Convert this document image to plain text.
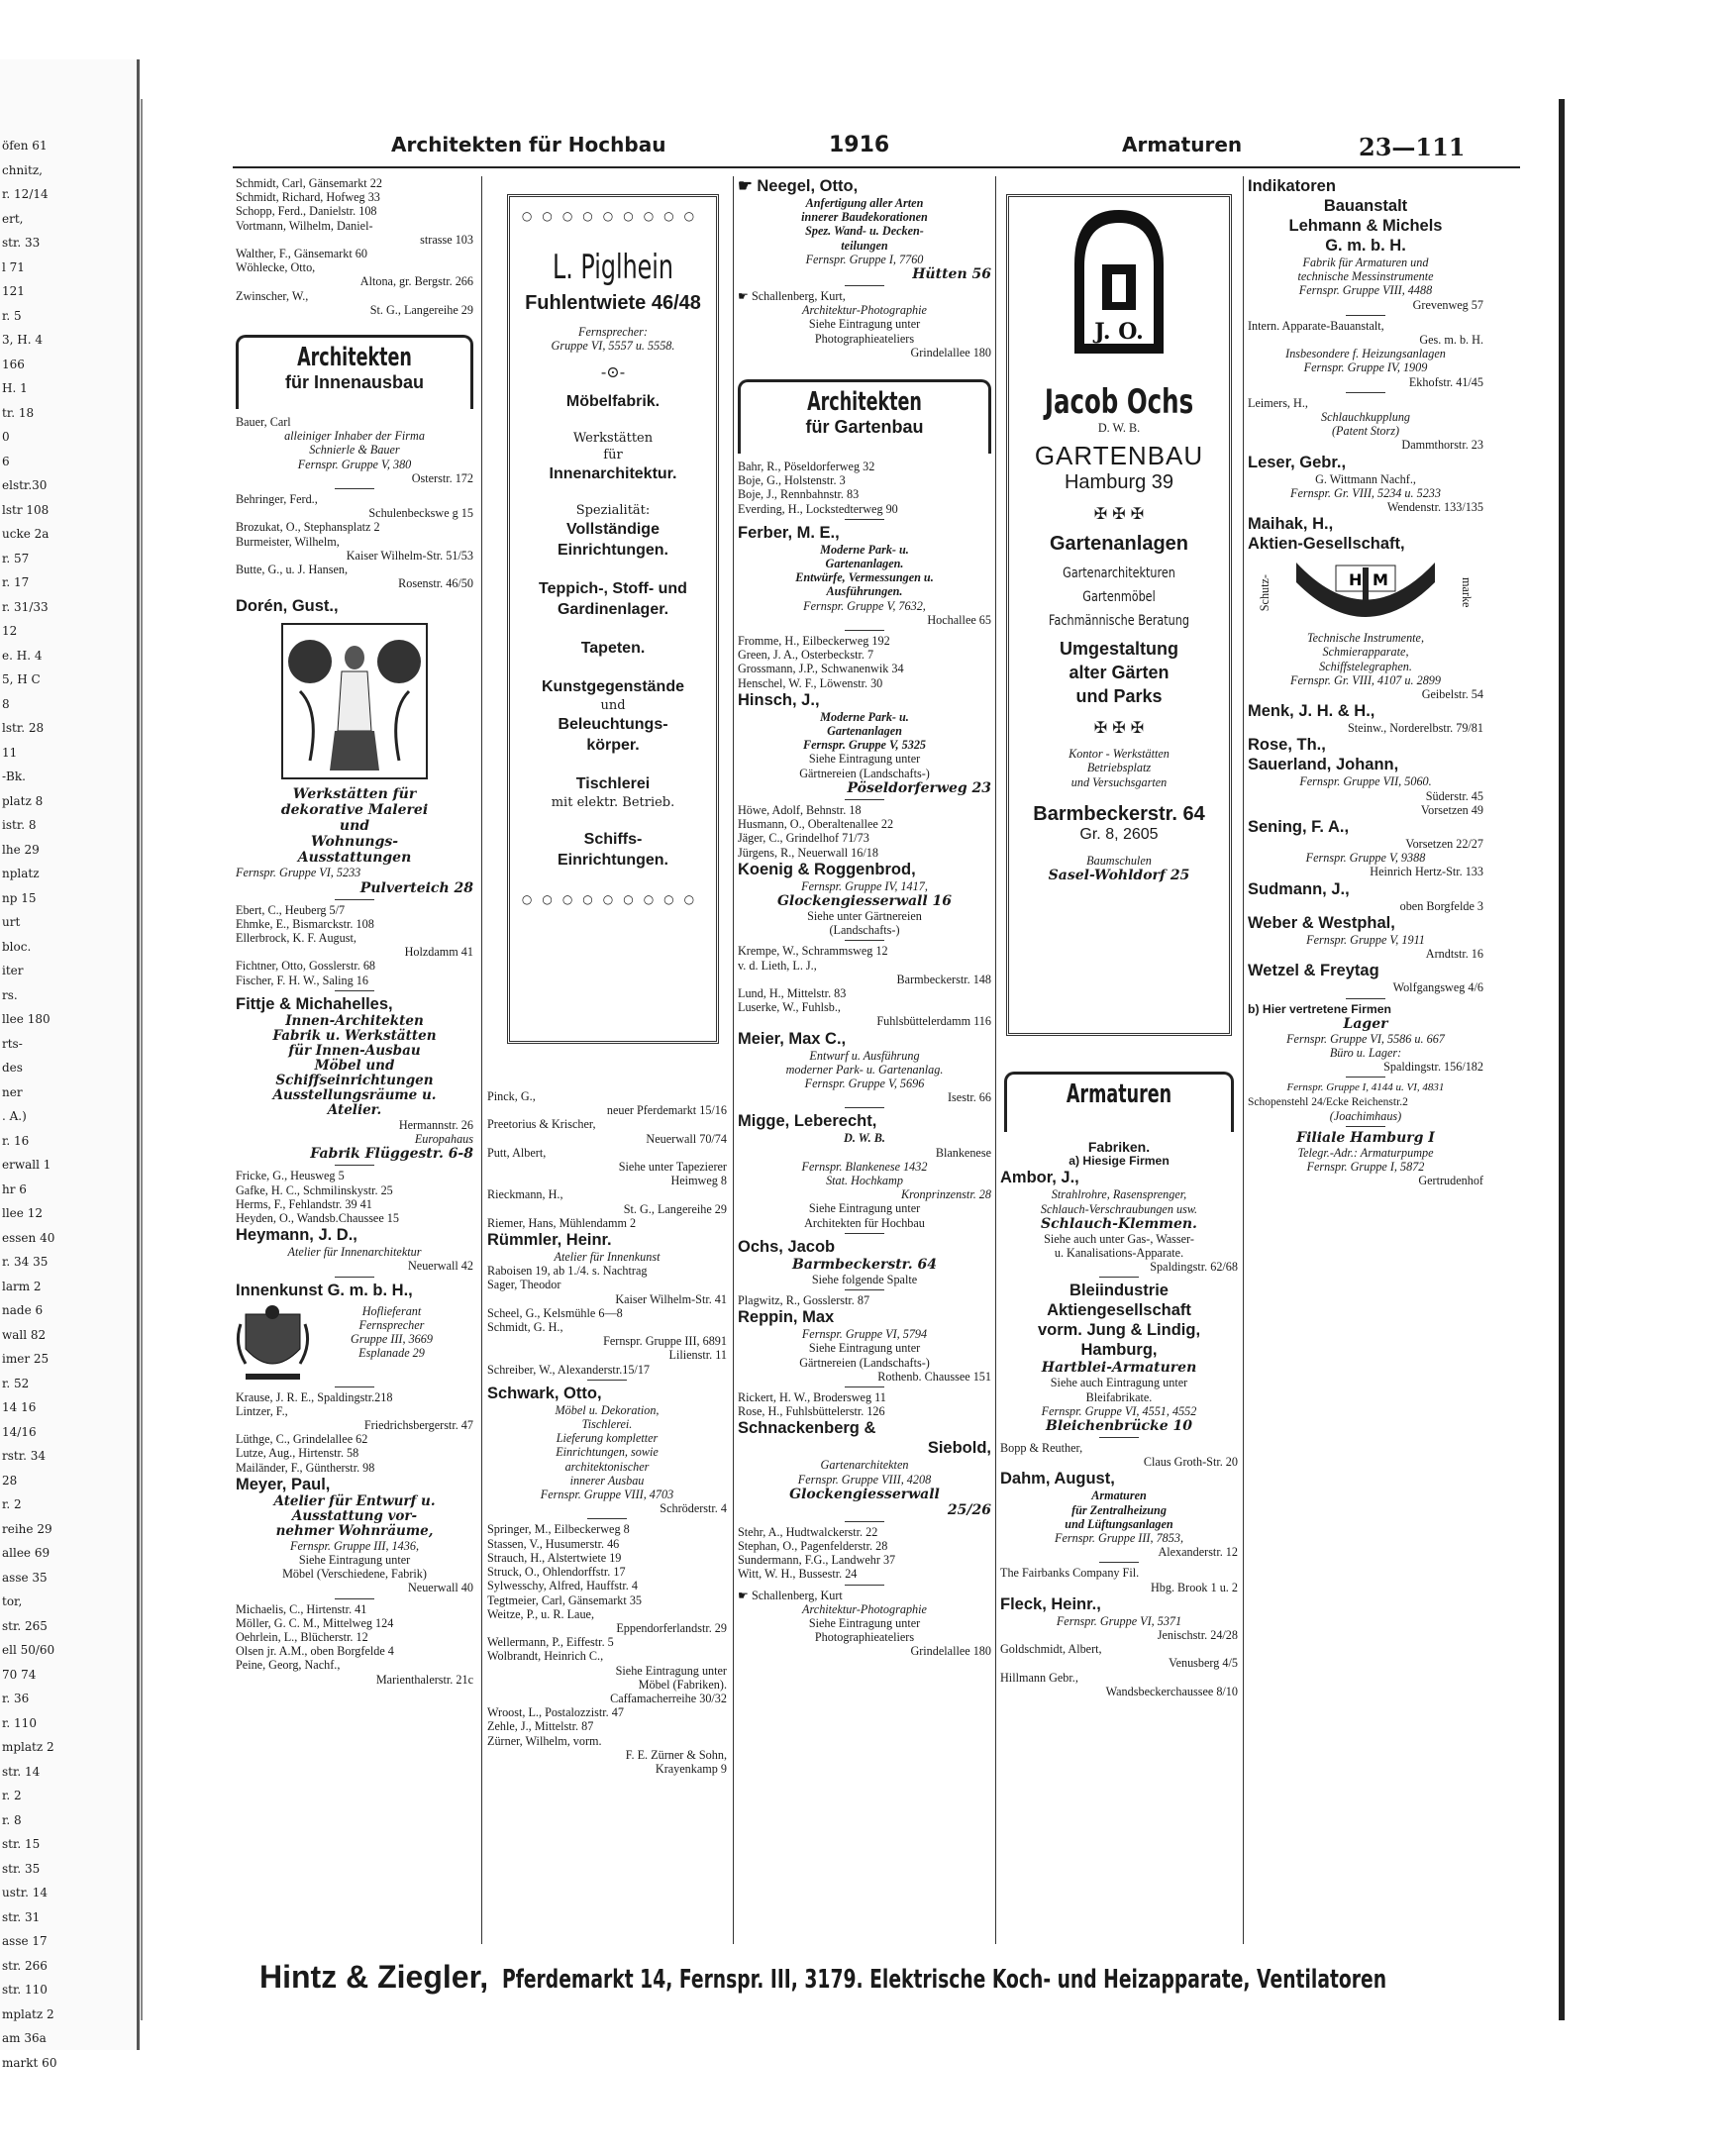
öfen 61
chnitz,
r. 12/14
ert,
str. 33
l 71
121
r. 5
3, H. 4
166
H. 1
tr. 18
0
6
elstr.30
lstr 108
ucke 2a
r. 57
r. 17
r. 31/33
12
e. H. 4
5, H C
8
lstr. 28
11
-Bk.
platz 8
istr. 8
lhe 29
nplatz
np 15
urt
bloc.
iter
rs.
llee 180
rts-
des
ner
. A.)
r. 16
erwall 1
hr 6
llee 12
essen 40
r. 34 35
larm 2
nade 6
wall 82
imer 25
r. 52
14 16
14/16
rstr. 34
28
r. 2
reihe 29
allee 69
asse 35
tor,
str. 265
ell 50/60
70 74
r. 36
r. 110
mplatz 2
str. 14
r. 2
r. 8
str. 15
str. 35
ustr. 14
str. 31
asse 17
str. 266
str. 110
mplatz 2
am 36a
markt 60
Architekten für Hochbau	1916	Armaturen	23—111
Schmidt, Carl, Gänsemarkt 22
Schmidt, Richard, Hofweg 33
Schopp, Ferd., Danielstr. 108
Vortmann, Wilhelm, Daniel-
strasse 103
Walther, F., Gänsemarkt 60
Wöhlecke, Otto,
Altona, gr. Bergstr. 266
Zwinscher, W.,
St. G., Langereihe 29
Architekten
für Innenausbau
Bauer, Carl
alleiniger Inhaber der Firma
Schnierle & Bauer
Fernspr. Gruppe V, 380
Osterstr. 172
Behringer, Ferd.,
Schulenbeckswe g 15
Brozukat, O., Stephansplatz 2
Burmeister, Wilhelm,
Kaiser Wilhelm-Str. 51/53
Butte, G., u. J. Hansen,
Rosenstr. 46/50
Dorén, Gust.,
Werkstätten für
dekorative Malerei
und
Wohnungs-
Ausstattungen
Fernspr. Gruppe VI, 5233
Pulverteich 28
Ebert, C., Heuberg 5/7
Ehmke, E., Bismarckstr. 108
Ellerbrock, K. F. August,
Holzdamm 41
Fichtner, Otto, Gosslerstr. 68
Fischer, F. H. W., Saling 16
Fittje & Michahelles,
Innen-Architekten
Fabrik u. Werkstätten
für Innen-Ausbau
Möbel und
Schiffseinrichtungen
Ausstellungsräume u.
Atelier.
Hermannstr. 26
Europahaus
Fabrik Flüggestr. 6-8
Fricke, G., Heusweg 5
Gafke, H. C., Schmilinskystr. 25
Herms, F., Fehlandstr. 39 41
Heyden, O., Wandsb.Chaussee 15
Heymann, J. D.,
Atelier für Innenarchitektur
Neuerwall 42
Innenkunst G. m. b. H.,
Hoflieferant
Fernsprecher
Gruppe III, 3669
Esplanade 29
Krause, J. R. E., Spaldingstr.218
Lintzer, F.,
Friedrichsbergerstr. 47
Lüthge, C., Grindelallee 62
Lutze, Aug., Hirtenstr. 58
Mailänder, F., Güntherstr. 98
Meyer, Paul,
Atelier für Entwurf u.
Ausstattung vor-
nehmer Wohnräume,
Fernspr. Gruppe III, 1436,
Siehe Eintragung unter
Möbel (Verschiedene, Fabrik)
Neuerwall 40
Michaelis, C., Hirtenstr. 41
Möller, G. C. M., Mittelweg 124
Oehrlein, L., Blücherstr. 12
Olsen jr. A.M., oben Borgfelde 4
Peine, Georg, Nachf.,
Marienthalerstr. 21c
○○○○○○○○○
L. Piglhein
Fuhlentwiete 46/48
Fernsprecher:
Gruppe VI, 5557 u. 5558.
-⊙-
Möbelfabrik.
Werkstätten
für
Innenarchitektur.
Spezialität:
Vollständige
Einrichtungen.
Teppich-, Stoff- und
Gardinenlager.
Tapeten.
Kunstgegenstände
und
Beleuchtungs-
körper.
Tischlerei
mit elektr. Betrieb.
Schiffs-
Einrichtungen.
○○○○○○○○○
Pinck, G.,
neuer Pferdemarkt 15/16
Preetorius & Krischer,
Neuerwall 70/74
Putt, Albert,
Siehe unter Tapezierer
Heimweg 8
Rieckmann, H.,
St. G., Langereihe 29
Riemer, Hans, Mühlendamm 2
Rümmler, Heinr.
Atelier für Innenkunst
Raboisen 19, ab 1./4. s. Nachtrag
Sager, Theodor
Kaiser Wilhelm-Str. 41
Scheel, G., Kelsmühle 6—8
Schmidt, G. H.,
Fernspr. Gruppe III, 6891
Lilienstr. 11
Schreiber, W., Alexanderstr.15/17
Schwark, Otto,
Möbel u. Dekoration,
Tischlerei.
Lieferung kompletter
Einrichtungen, sowie
architektonischer
innerer Ausbau
Fernspr. Gruppe VIII, 4703
Schröderstr. 4
Springer, M., Eilbeckerweg 8
Stassen, V., Husumerstr. 46
Strauch, H., Alstertwiete 19
Struck, O., Ohlendorffstr. 17
Sylwesschy, Alfred, Hauffstr. 4
Tegtmeier, Carl, Gänsemarkt 35
Weitze, P., u. R. Laue,
Eppendorferlandstr. 29
Wellermann, P., Eiffestr. 5
Wolbrandt, Heinrich C.,
Siehe Eintragung unter
Möbel (Fabriken).
Caffamacherreihe 30/32
Wroost, L., Postalozzistr. 47
Zehle, J., Mittelstr. 87
Zürner, Wilhelm, vorm.
F. E. Zürner & Sohn,
Krayenkamp 9
☛ Neegel, Otto,
Anfertigung aller Arten
innerer Baudekorationen
Spez. Wand- u. Decken-
teilungen
Fernspr. Gruppe I, 7760
Hütten 56
☛ Schallenberg, Kurt,
Architektur-Photographie
Siehe Eintragung unter
Photographieateliers
Grindelallee 180
Architekten
für Gartenbau
Bahr, R., Pöseldorferweg 32
Boje, G., Holstenstr. 3
Boje, J., Rennbahnstr. 83
Everding, H., Lockstedterweg 90
Ferber, M. E.,
Moderne Park- u.
Gartenanlagen.
Entwürfe, Vermessungen u.
Ausführungen.
Fernspr. Gruppe V, 7632,
Hochallee 65
Fromme, H., Eilbeckerweg 192
Green, J. A., Osterbeckstr. 7
Grossmann, J.P., Schwanenwik 34
Henschel, W. F., Löwenstr. 30
Hinsch, J.,
Moderne Park- u.
Gartenanlagen
Fernspr. Gruppe V, 5325
Siehe Eintragung unter
Gärtnereien (Landschafts-)
Pöseldorferweg 23
Höwe, Adolf, Behnstr. 18
Husmann, O., Oberaltenallee 22
Jäger, C., Grindelhof 71/73
Jürgens, R., Neuerwall 16/18
Koenig & Roggenbrod,
Fernspr. Gruppe IV, 1417,
Glockengiesserwall 16
Siehe unter Gärtnereien
(Landschafts-)
Krempe, W., Schrammsweg 12
v. d. Lieth, L. J.,
Barmbeckerstr. 148
Lund, H., Mittelstr. 83
Luserke, W., Fuhlsb.,
Fuhlsbüttelerdamm 116
Meier, Max C.,
Entwurf u. Ausführung
moderner Park- u. Gartenanlag.
Fernspr. Gruppe V, 5696
Isestr. 66
Migge, Leberecht,
D. W. B.
Blankenese
Fernspr. Blankenese 1432
Stat. Hochkamp
Kronprinzenstr. 28
Siehe Eintragung unter
Architekten für Hochbau
Ochs, Jacob
Barmbeckerstr. 64
Siehe folgende Spalte
Plagwitz, R., Gosslerstr. 87
Reppin, Max
Fernspr. Gruppe VI, 5794
Siehe Eintragung unter
Gärtnereien (Landschafts-)
Rothenb. Chaussee 151
Rickert, H. W., Brodersweg 11
Rose, H., Fuhlsbüttelerstr. 126
Schnackenberg &
Siebold,
Gartenarchitekten
Fernspr. Gruppe VIII, 4208
Glockengiesserwall
25/26
Stehr, A., Hudtwalckerstr. 22
Stephan, O., Pagenfelderstr. 28
Sundermann, F.G., Landwehr 37
Witt, W. H., Bussestr. 24
☛ Schallenberg, Kurt
Architektur-Photographie
Siehe Eintragung unter
Photographieateliers
Grindelallee 180
J. O.
Jacob Ochs
D. W. B.
GARTENBAU
Hamburg 39
✠ ✠ ✠
Gartenanlagen
Gartenarchitekturen
Gartenmöbel
Fachmännische Beratung
Umgestaltung
alter Gärten
und Parks
✠ ✠ ✠
Kontor - Werkstätten
Betriebsplatz
und Versuchsgarten
Barmbeckerstr. 64
Gr. 8, 2605
Baumschulen
Sasel-Wohldorf 25
Armaturen
Fabriken.
a) Hiesige Firmen
Ambor, J.,
Strahlrohre, Rasensprenger,
Schlauch-Verschraubungen usw.
Schlauch-Klemmen.
Siehe auch unter Gas-, Wasser-
u. Kanalisations-Apparate.
Spaldingstr. 62/68
Bleiindustrie
Aktiengesellschaft
vorm. Jung & Lindig,
Hamburg,
Hartblei-Armaturen
Siehe auch Eintragung unter
Bleifabrikate.
Fernspr. Gruppe VI, 4551, 4552
Bleichenbrücke 10
Bopp & Reuther,
Claus Groth-Str. 20
Dahm, August,
Armaturen
für Zentralheizung
und Lüftungsanlagen
Fernspr. Gruppe III, 7853,
Alexanderstr. 12
The Fairbanks Company Fil.
Hbg. Brook 1 u. 2
Fleck, Heinr.,
Fernspr. Gruppe VI, 5371
Jenischstr. 24/28
Goldschmidt, Albert,
Venusberg 4/5
Hillmann Gebr.,
Wandsbeckerchaussee 8/10
Indikatoren
Bauanstalt
Lehmann & Michels
G. m. b. H.
Fabrik für Armaturen und
technische Messinstrumente
Fernspr. Gruppe VIII, 4488
Grevenweg 57
Intern. Apparate-Bauanstalt,
Ges. m. b. H.
Insbesondere f. Heizungsanlagen
Fernspr. Gruppe IV, 1909
Ekhofstr. 41/45
Leimers, H.,
Schlauchkupplung
(Patent Storz)
Dammthorstr. 23
Leser, Gebr.,
G. Wittmann Nachf.,
Fernspr. Gr. VIII, 5234 u. 5233
Wendenstr. 133/135
Maihak, H.,
Aktien-Gesellschaft,
Schutz-	H M	marke
Technische Instrumente,
Schmierapparate,
Schiffstelegraphen.
Fernspr. Gr. VIII, 4107 u. 2899
Geibelstr. 54
Menk, J. H. & H.,
Steinw., Norderelbstr. 79/81
Rose, Th.,
Sauerland, Johann,
Fernspr. Gruppe VII, 5060.
Süderstr. 45
Vorsetzen 49
Sening, F. A.,
Vorsetzen 22/27
Fernspr. Gruppe V, 9388
Heinrich Hertz-Str. 133
Sudmann, J.,
oben Borgfelde 3
Weber & Westphal,
Fernspr. Gruppe V, 1911
Arndtstr. 16
Wetzel & Freytag
Wolfgangsweg 4/6
b) Hier vertretene Firmen
Lager
Fernspr. Gruppe VI, 5586 u. 667
Büro u. Lager:
Spaldingstr. 156/182
Fernspr. Gruppe I, 4144 u. VI, 4831
Schopenstehl 24/Ecke Reichenstr.2
(Joachimhaus)
Filiale Hamburg I
Telegr.-Adr.: Armaturpumpe
Fernspr. Gruppe I, 5872
Gertrudenhof
Hintz & Ziegler, Pferdemarkt 14, Fernspr. III, 3179. Elektrische Koch- und Heizapparate, Ventilatoren
